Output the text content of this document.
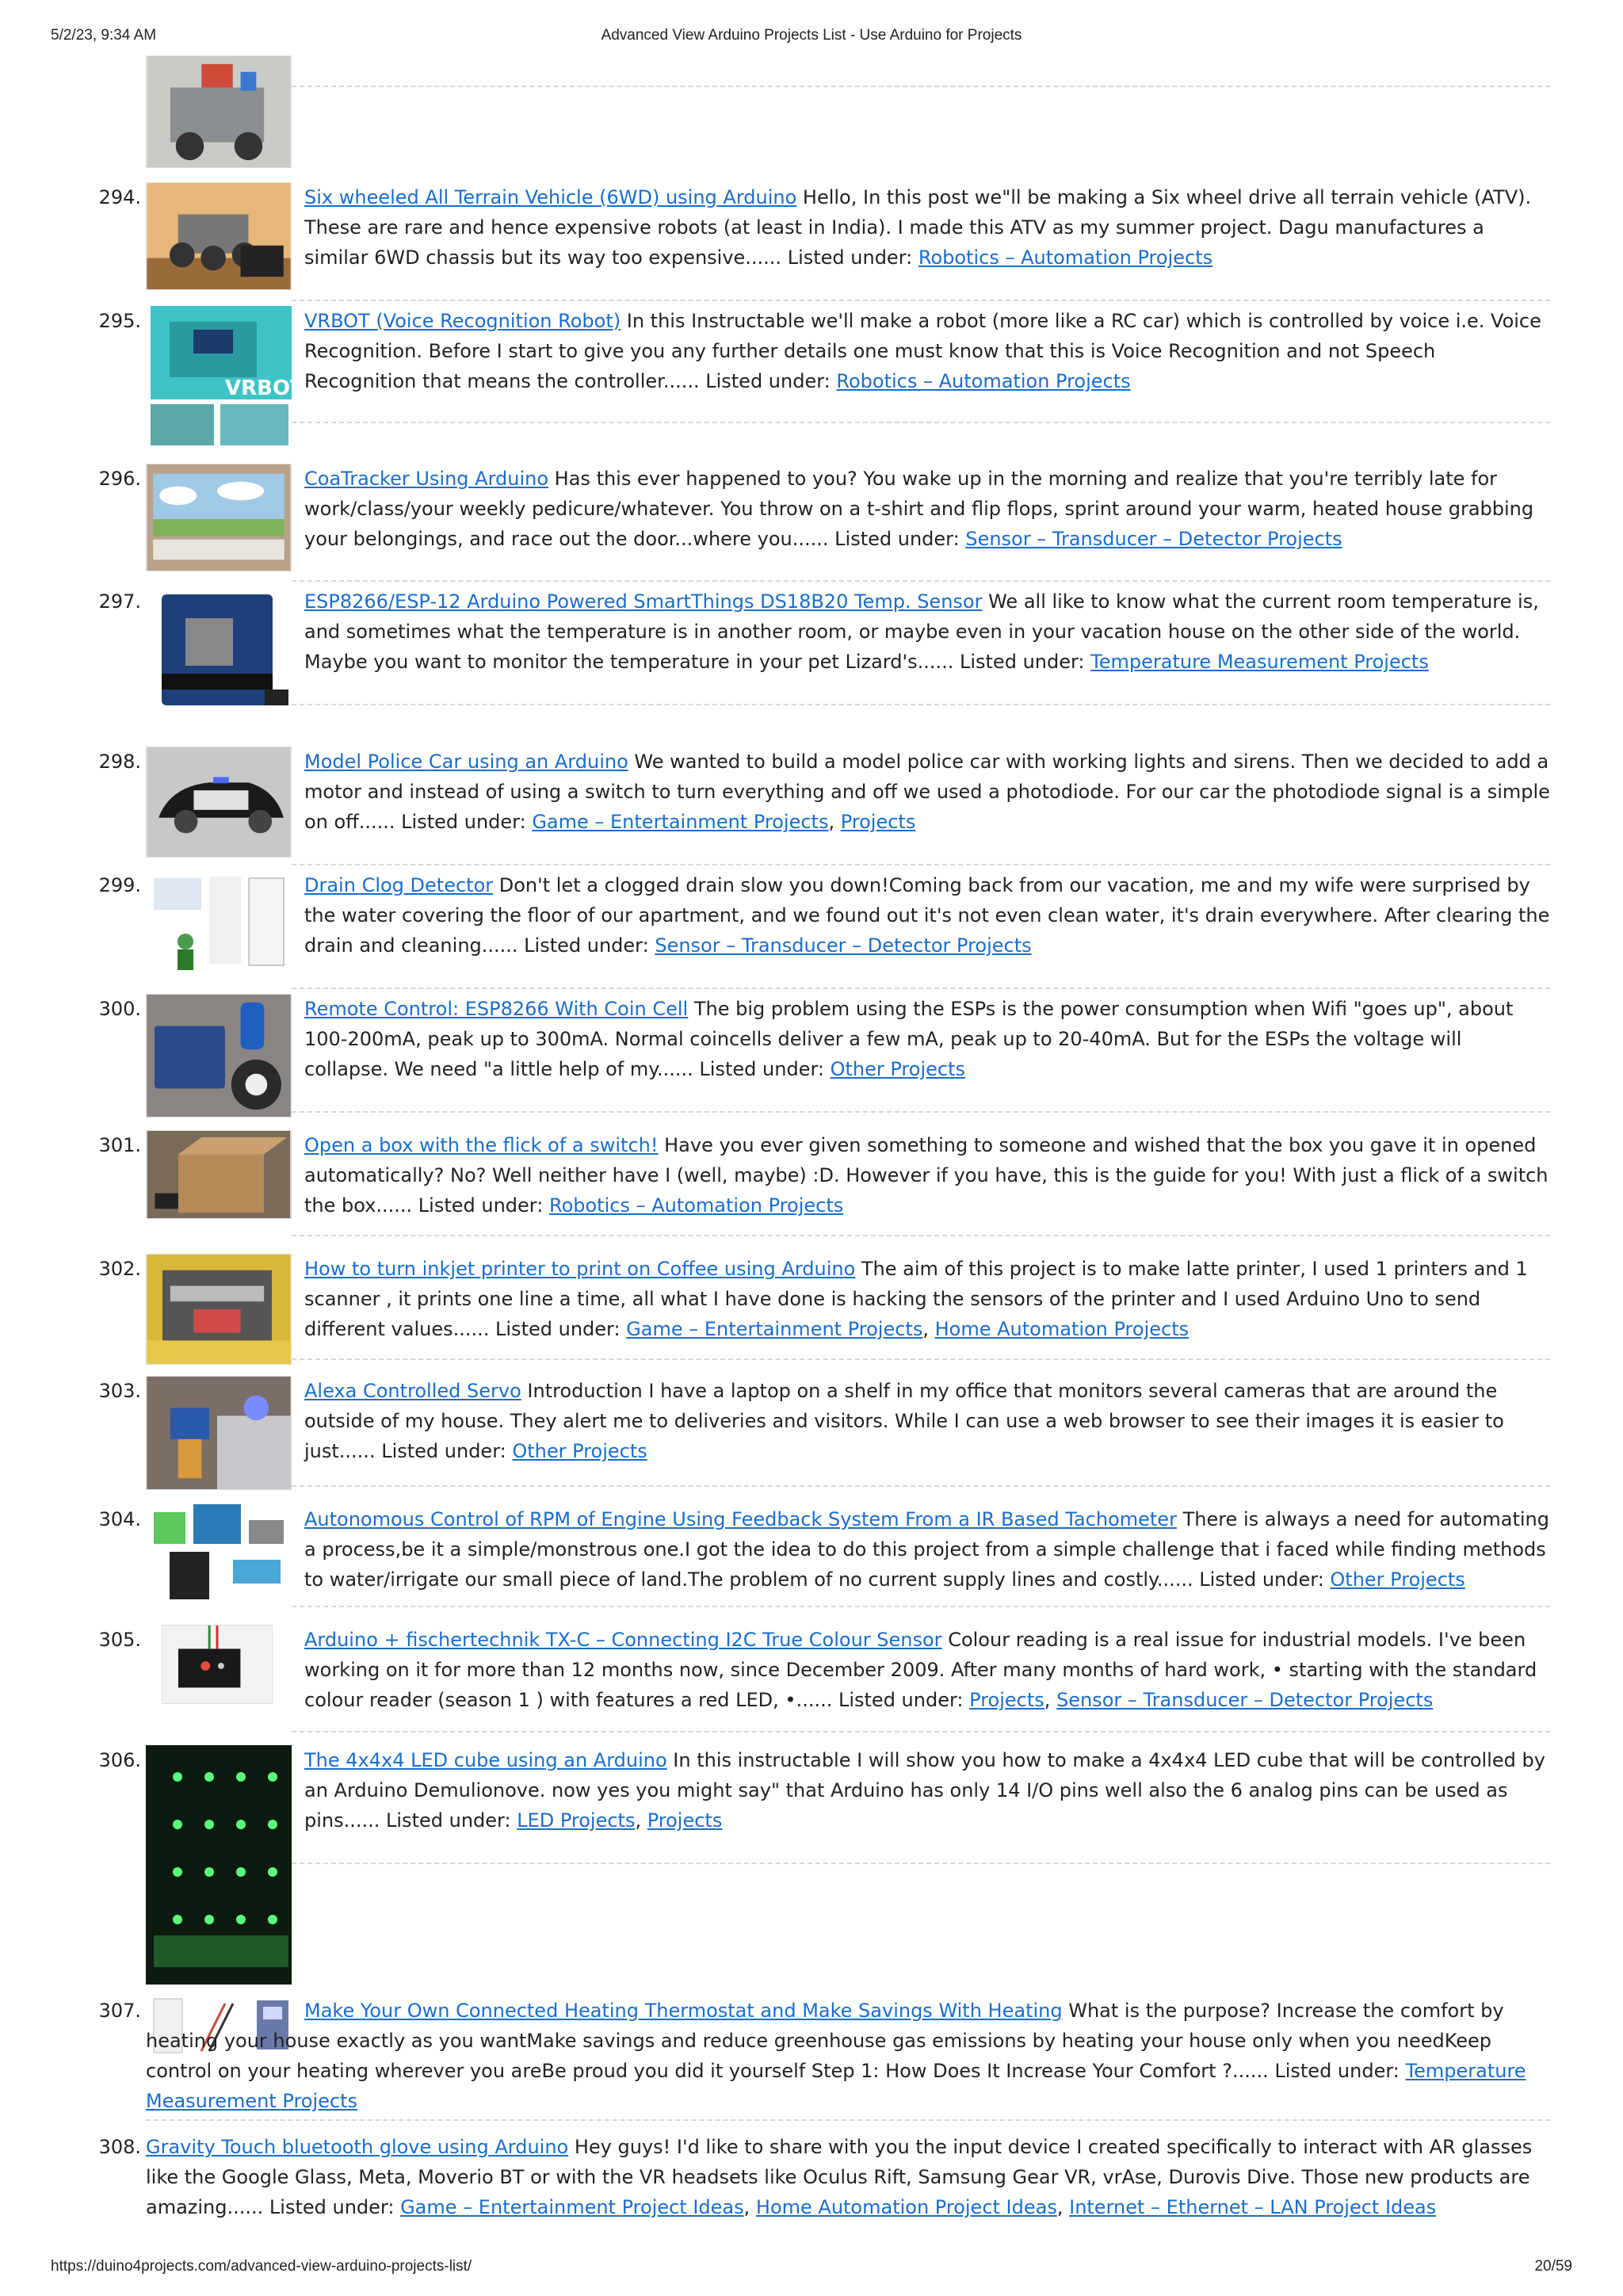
5/2/23, 9:34 AM	Advanced View Arduino Projects List - Use Arduino for Projects
294.	Six wheeled All Terrain Vehicle (6WD) using Arduino Hello, In this post we"ll be making a Six wheel drive all terrain vehicle (ATV). These are rare and hence expensive robots (at least in India). I made this ATV as my summer project. Dagu manufactures a similar 6WD chassis but its way too expensive...... Listed under: Robotics – Automation Projects
295.
VRBOT
VRBOT (Voice Recognition Robot) In this Instructable we'll make a robot (more like a RC car) which is controlled by voice i.e. Voice Recognition. Before I start to give you any further details one must know that this is Voice Recognition and not Speech Recognition that means the controller...... Listed under: Robotics – Automation Projects
296.	CoaTracker Using Arduino Has this ever happened to you? You wake up in the morning and realize that you're terribly late for work/class/your weekly pedicure/whatever. You throw on a t-shirt and flip flops, sprint around your warm, heated house grabbing your belongings, and race out the door...where you...... Listed under: Sensor – Transducer – Detector Projects
297.	ESP8266/ESP-12 Arduino Powered SmartThings DS18B20 Temp. Sensor We all like to know what the current room temperature is, and sometimes what the temperature is in another room, or maybe even in your vacation house on the other side of the world. Maybe you want to monitor the temperature in your pet Lizard's...... Listed under: Temperature Measurement Projects
298.	Model Police Car using an Arduino We wanted to build a model police car with working lights and sirens. Then we decided to add a motor and instead of using a switch to turn everything and off we used a photodiode. For our car the photodiode signal is a simple on off...... Listed under: Game – Entertainment Projects, Projects
299.	Drain Clog Detector Don't let a clogged drain slow you down!Coming back from our vacation, me and my wife were surprised by the water covering the floor of our apartment, and we found out it's not even clean water, it's drain everywhere. After clearing the drain and cleaning...... Listed under: Sensor – Transducer – Detector Projects
300.	Remote Control: ESP8266 With Coin Cell The big problem using the ESPs is the power consumption when Wifi "goes up", about 100-200mA, peak up to 300mA. Normal coincells deliver a few mA, peak up to 20-40mA. But for the ESPs the voltage will collapse. We need "a little help of my...... Listed under: Other Projects
301.	Open a box with the flick of a switch! Have you ever given something to someone and wished that the box you gave it in opened automatically? No? Well neither have I (well, maybe) :D. However if you have, this is the guide for you! With just a flick of a switch the box...... Listed under: Robotics – Automation Projects
302.	How to turn inkjet printer to print on Coffee using Arduino The aim of this project is to make latte printer, I used 1 printers and 1 scanner , it prints one line a time, all what I have done is hacking the sensors of the printer and I used Arduino Uno to send different values...... Listed under: Game – Entertainment Projects, Home Automation Projects
303.	Alexa Controlled Servo Introduction I have a laptop on a shelf in my office that monitors several cameras that are around the outside of my house. They alert me to deliveries and visitors. While I can use a web browser to see their images it is easier to just...... Listed under: Other Projects
304.	Autonomous Control of RPM of Engine Using Feedback System From a IR Based Tachometer There is always a need for automating a process,be it a simple/monstrous one.I got the idea to do this project from a simple challenge that i faced while finding methods to water/irrigate our small piece of land.The problem of no current supply lines and costly...... Listed under: Other Projects
305.	Arduino + fischertechnik TX-C – Connecting I2C True Colour Sensor Colour reading is a real issue for industrial models. I've been working on it for more than 12 months now, since December 2009. After many months of hard work, • starting with the standard colour reader (season 1 ) with features a red LED, •...... Listed under: Projects, Sensor – Transducer – Detector Projects
306.	The 4x4x4 LED cube using an Arduino In this instructable I will show you how to make a 4x4x4 LED cube that will be controlled by an Arduino Demulionove. now yes you might say" that Arduino has only 14 I/O pins well also the 6 analog pins can be used as pins...... Listed under: LED Projects, Projects
307.	Make Your Own Connected Heating Thermostat and Make Savings With Heating What is the purpose? Increase the comfort by heating your house exactly as you wantMake savings and reduce greenhouse gas emissions by heating your house only when you needKeep control on your heating wherever you areBe proud you did it yourself Step 1: How Does It Increase Your Comfort ?...... Listed under: Temperature Measurement Projects
308. Gravity Touch bluetooth glove using Arduino Hey guys! I'd like to share with you the input device I created specifically to interact with AR glasses like the Google Glass, Meta, Moverio BT or with the VR headsets like Oculus Rift, Samsung Gear VR, vrAse, Durovis Dive. Those new products are amazing...... Listed under: Game – Entertainment Project Ideas, Home Automation Project Ideas, Internet – Ethernet – LAN Project Ideas
https://duino4projects.com/advanced-view-arduino-projects-list/	20/59
